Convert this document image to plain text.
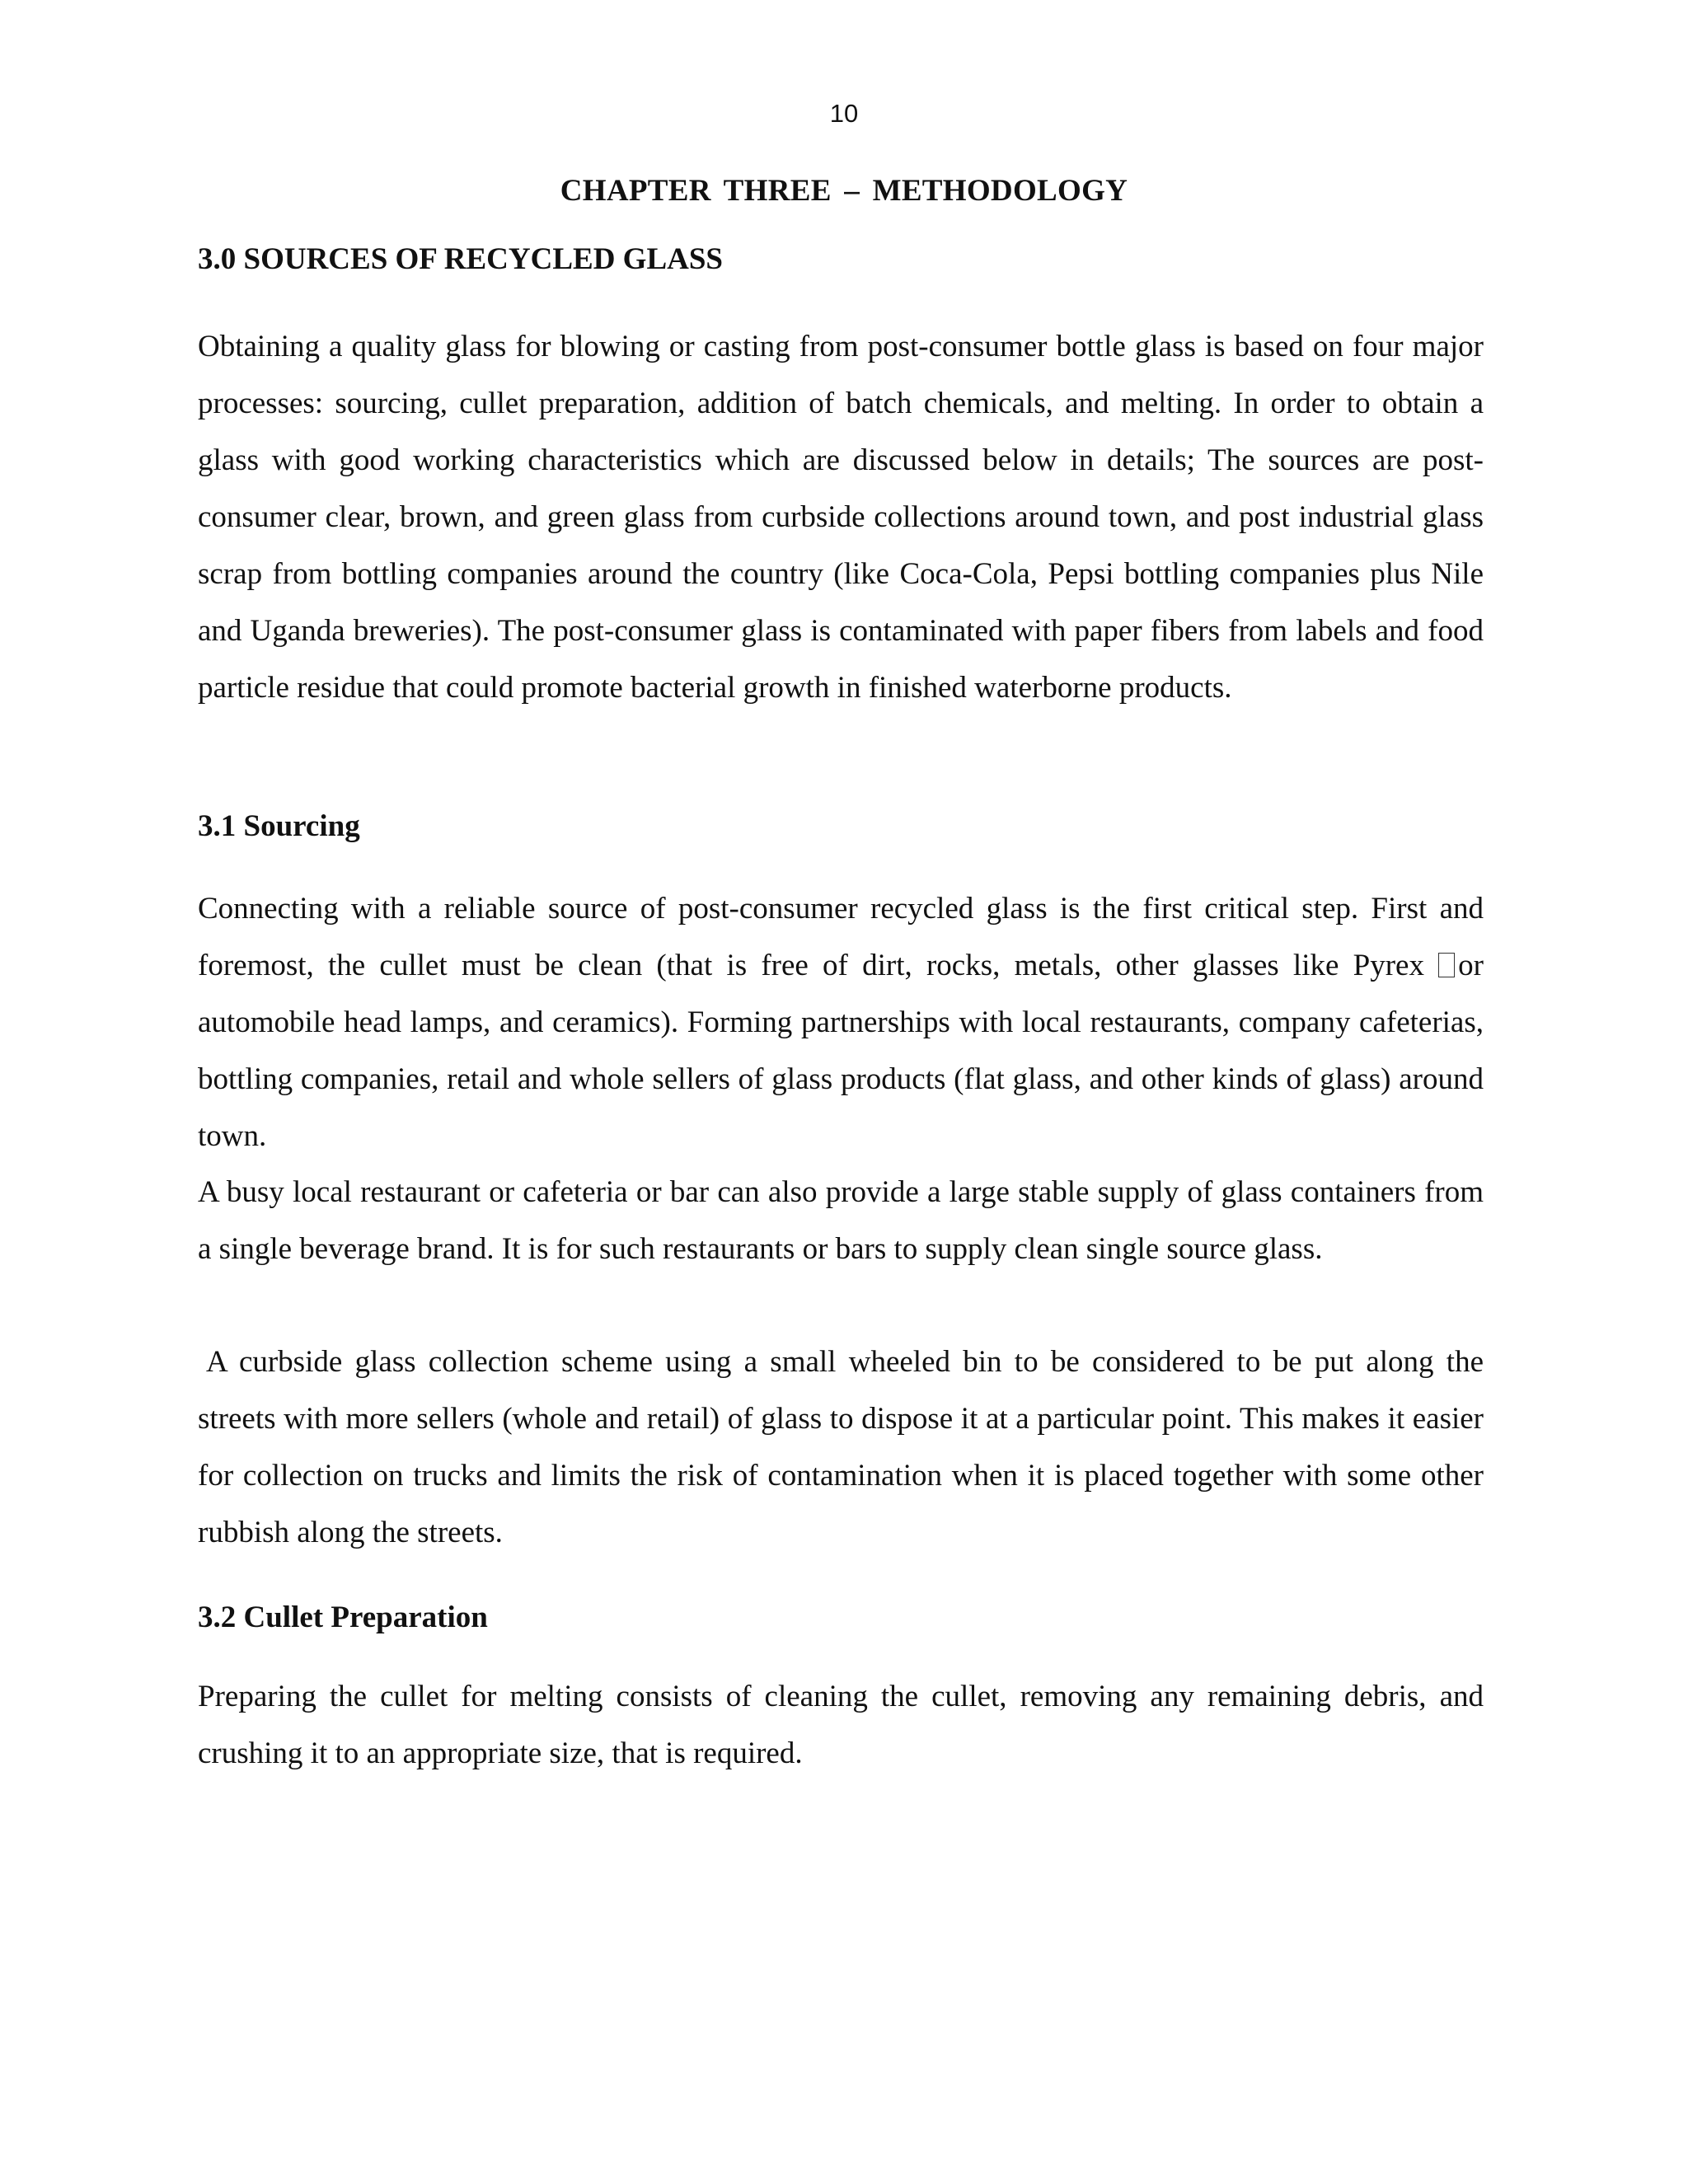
10
CHAPTER THREE – METHODOLOGY
3.0 SOURCES OF RECYCLED GLASS

Obtaining a quality glass for blowing or casting from post-consumer bottle glass is based on four major processes: sourcing, cullet preparation, addition of batch chemicals, and melting. In order to obtain a glass with good working characteristics which are discussed below in details; The sources are post-consumer clear, brown, and green glass from curbside collections around town, and post industrial glass scrap from bottling companies around the country (like Coca-Cola, Pepsi bottling companies plus Nile and Uganda breweries). The post-consumer glass is contaminated with paper fibers from labels and food particle residue that could promote bacterial growth in finished waterborne products.

3.1 Sourcing

Connecting with a reliable source of post-consumer recycled glass is the first critical step. First and foremost, the cullet must be clean (that is free of dirt, rocks, metals, other glasses like Pyrex or automobile head lamps, and ceramics). Forming partnerships with local restaurants, company cafeterias, bottling companies, retail and whole sellers of glass products (flat glass, and other kinds of glass) around town.

A busy local restaurant or cafeteria or bar can also provide a large stable supply of glass containers from a single beverage brand. It is for such restaurants or bars to supply clean single source glass.

A curbside glass collection scheme using a small wheeled bin to be considered to be put along the streets with more sellers (whole and retail) of glass to dispose it at a particular point. This makes it easier for collection on trucks and limits the risk of contamination when it is placed together with some other rubbish along the streets.

3.2 Cullet Preparation

Preparing the cullet for melting consists of cleaning the cullet, removing any remaining debris, and crushing it to an appropriate size, that is required.
